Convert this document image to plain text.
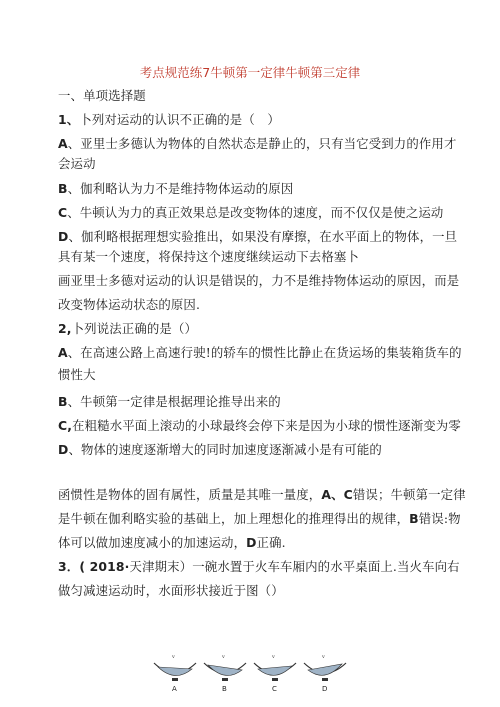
考点规范练7牛顿第一定律牛顿第三定律
一、单项选择题
1、卜列对运动的认识不正确的是（　）
A、亚里士多德认为物体的自然状态是静止的，只有当它受到力的作用才
会运动
B、伽利略认为力不是维持物体运动的原因
C、牛顿认为力的真正效果总是改变物体的速度，而不仅仅是使之运动
D、伽利略根据理想实验推出，如果没有摩擦，在水平面上的物体，一旦
具有某一个速度，将保持这个速度继续运动下去格塞卜
画亚里士多德对运动的认识是错误的，力不是维持物体运动的原因，而是
改变物体运动状态的原因.
2,卜列说法正确的是（）
A、在高速公路上高速行驶!的轿车的惯性比静止在货运场的集装箱货车的
惯性大
B、牛顿第一定律是根据理论推导出来的
C,在粗糙水平面上滚动的小球最终会停下来是因为小球的惯性逐渐变为零
D、物体的速度逐渐增大的同时加速度逐渐减小是有可能的
函惯性是物体的固有属性，质量是其唯一量度，A、C错误；牛顿第一定律
是牛顿在伽利略实验的基础上，加上理想化的推理得出的规律，B错误:物
体可以做加速度减小的加速运动，D正确.
3．( 2018·天津期末）一碗水置于火车车厢内的水平桌面上.当火车向右
做匀减速运动时，水面形状接近于图（）
v
A
v
B
v
C
v
D
